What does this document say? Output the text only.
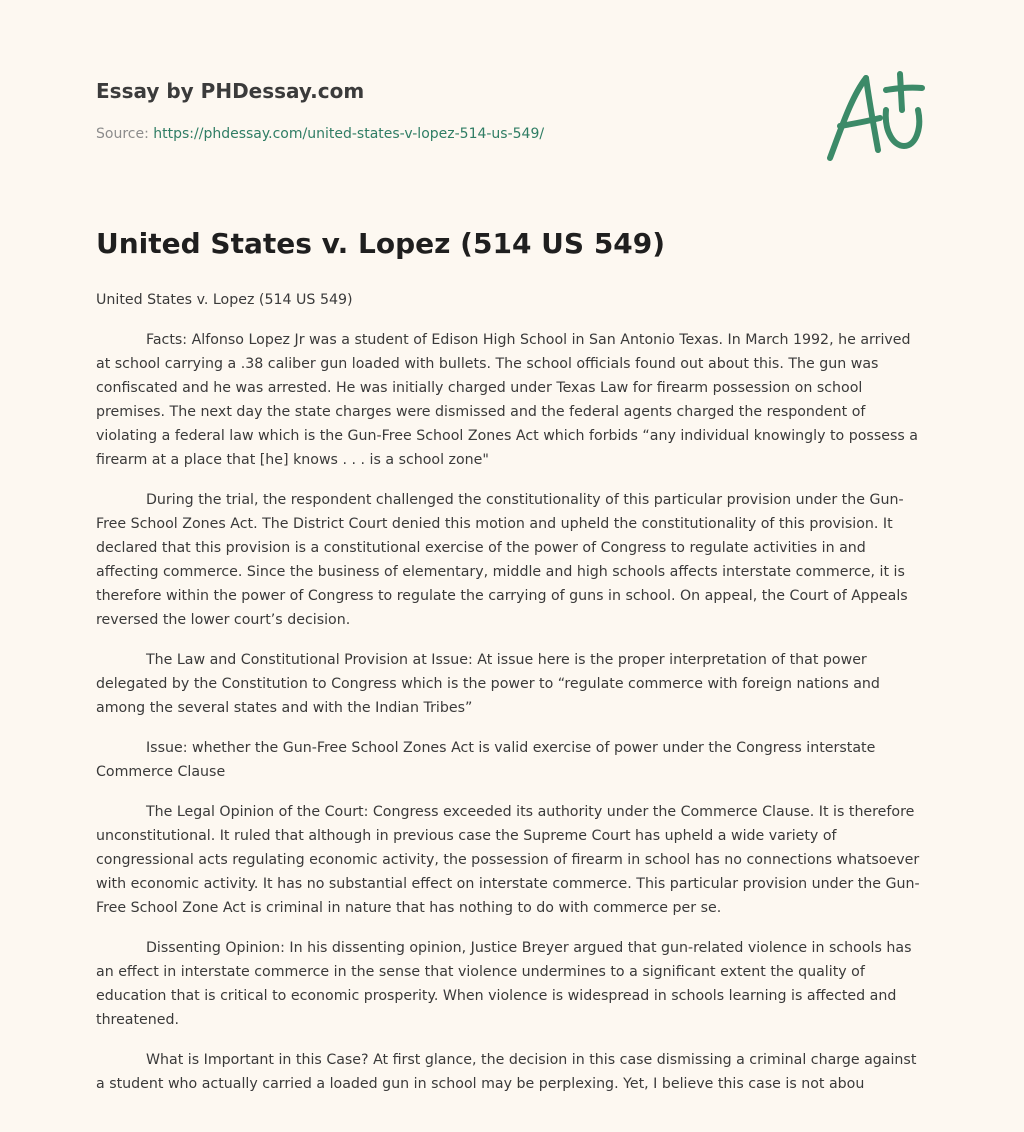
Essay by PHDessay.com
Source: https://phdessay.com/united-states-v-lopez-514-us-549/
United States v. Lopez (514 US 549)

United States v. Lopez (514 US 549)

Facts: Alfonso Lopez Jr was a student of Edison High School in San Antonio Texas. In March 1992, he arrived at school carrying a .38 caliber gun loaded with bullets. The school officials found out about this. The gun was confiscated and he was arrested. He was initially charged under Texas Law for firearm possession on school premises. The next day the state charges were dismissed and the federal agents charged the respondent of violating a federal law which is the Gun-Free School Zones Act which forbids “any individual knowingly to possess a firearm at a place that [he] knows . . . is a school zone"

During the trial, the respondent challenged the constitutionality of this particular provision under the Gun-Free School Zones Act. The District Court denied this motion and upheld the constitutionality of this provision. It declared that this provision is a constitutional exercise of the power of Congress to regulate activities in and affecting commerce. Since the business of elementary, middle and high schools affects interstate commerce, it is therefore within the power of Congress to regulate the carrying of guns in school. On appeal, the Court of Appeals reversed the lower court’s decision.

The Law and Constitutional Provision at Issue: At issue here is the proper interpretation of that power delegated by the Constitution to Congress which is the power to “regulate commerce with foreign nations and among the several states and with the Indian Tribes”

Issue: whether the Gun-Free School Zones Act is valid exercise of power under the Congress interstate Commerce Clause

The Legal Opinion of the Court: Congress exceeded its authority under the Commerce Clause. It is therefore unconstitutional. It ruled that although in previous case the Supreme Court has upheld a wide variety of congressional acts regulating economic activity, the possession of firearm in school has no connections whatsoever with economic activity. It has no substantial effect on interstate commerce. This particular provision under the Gun-Free School Zone Act is criminal in nature that has nothing to do with commerce per se.

Dissenting Opinion: In his dissenting opinion, Justice Breyer argued that gun-related violence in schools has an effect in interstate commerce in the sense that violence undermines to a significant extent the quality of education that is critical to economic prosperity. When violence is widespread in schools learning is affected and threatened.

What is Important in this Case? At first glance, the decision in this case dismissing a criminal charge against a student who actually carried a loaded gun in school may be perplexing. Yet, I believe this case is not abou
